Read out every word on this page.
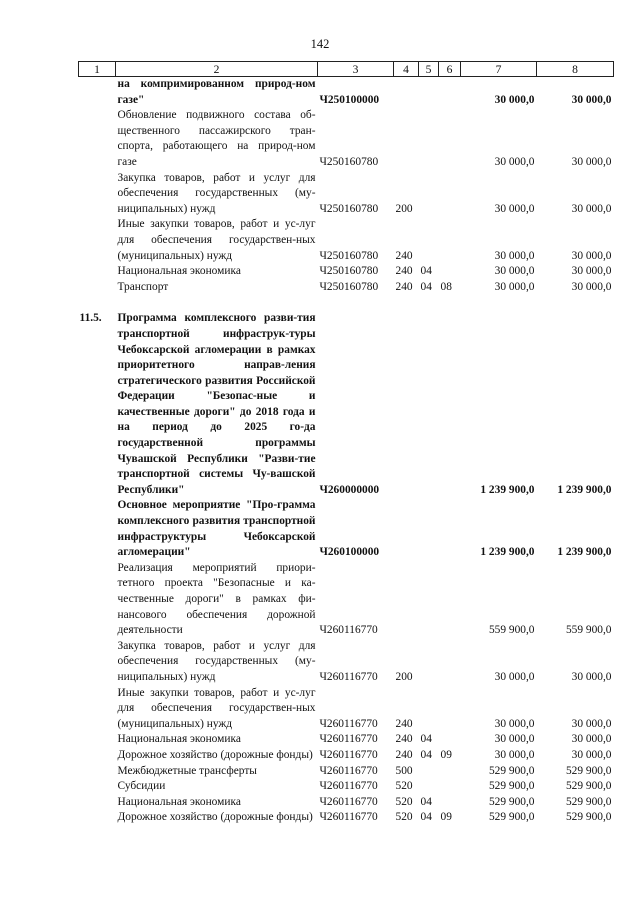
142
1	2	3	4	5	6	7	8
	на компримированном природ-ном газе"	Ч250100000				30 000,0	30 000,0
	Обновление подвижного состава об-щественного пассажирского тран-спорта, работающего на природ-ном газе	Ч250160780				30 000,0	30 000,0
	Закупка товаров, работ и услуг для обеспечения государственных (му-ниципальных) нужд	Ч250160780	200			30 000,0	30 000,0
	Иные закупки товаров, работ и ус-луг для обеспечения государствен-ных (муниципальных) нужд	Ч250160780	240			30 000,0	30 000,0
	Национальная экономика	Ч250160780	240	04		30 000,0	30 000,0
	Транспорт	Ч250160780	240	04	08	30 000,0	30 000,0

11.5.	Программа комплексного разви-тия транспортной инфраструк-туры Чебоксарской агломерации в рамках приоритетного направ-ления стратегического развития Российской Федерации "Безопас-ные и качественные дороги" до 2018 года и на период до 2025 го-да государственной программы Чувашской Республики "Разви-тие транспортной системы Чу-вашской Республики"	Ч260000000				1 239 900,0	1 239 900,0
	Основное мероприятие "Про-грамма комплексного развития транспортной инфраструктуры Чебоксарской агломерации"	Ч260100000				1 239 900,0	1 239 900,0
	Реализация мероприятий приори-тетного проекта "Безопасные и ка-чественные дороги" в рамках фи-нансового обеспечения дорожной деятельности	Ч260116770				559 900,0	559 900,0
	Закупка товаров, работ и услуг для обеспечения государственных (му-ниципальных) нужд	Ч260116770	200			30 000,0	30 000,0
	Иные закупки товаров, работ и ус-луг для обеспечения государствен-ных (муниципальных) нужд	Ч260116770	240			30 000,0	30 000,0
	Национальная экономика	Ч260116770	240	04		30 000,0	30 000,0
	Дорожное хозяйство (дорожные фонды)	Ч260116770	240	04	09	30 000,0	30 000,0
	Межбюджетные трансферты	Ч260116770	500			529 900,0	529 900,0
	Субсидии	Ч260116770	520			529 900,0	529 900,0
	Национальная экономика	Ч260116770	520	04		529 900,0	529 900,0
	Дорожное хозяйство (дорожные фонды)	Ч260116770	520	04	09	529 900,0	529 900,0
